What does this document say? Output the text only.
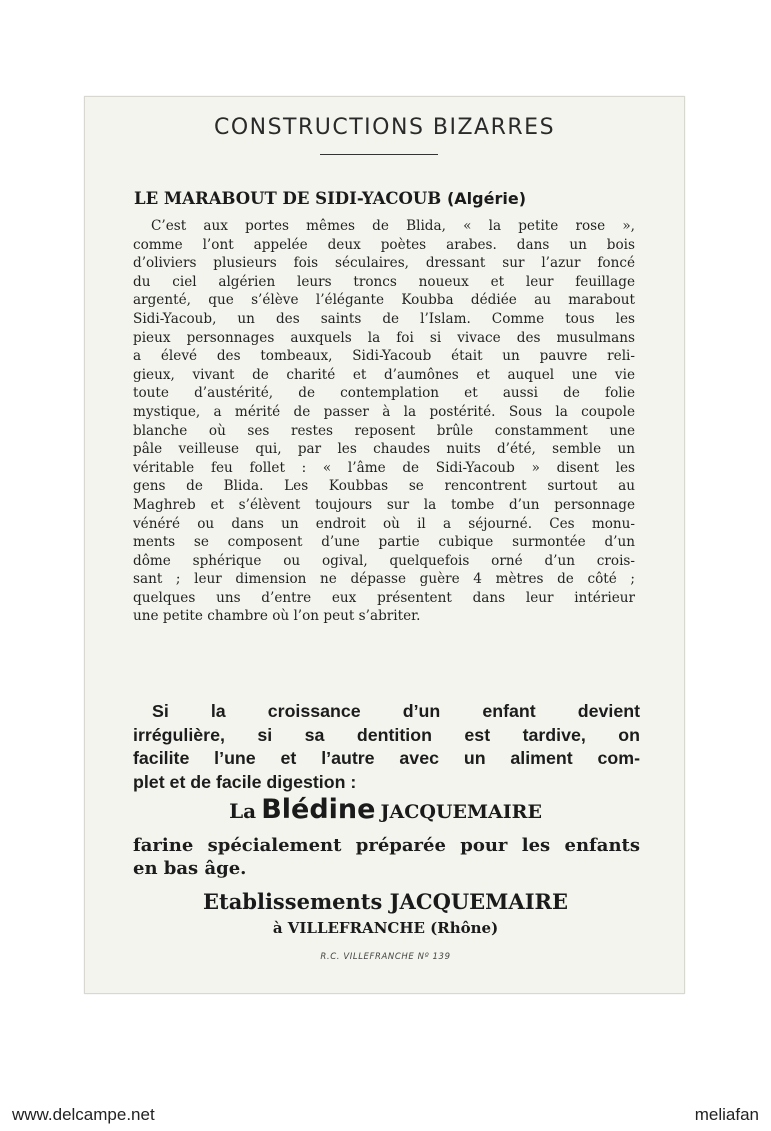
CONSTRUCTIONS BIZARRES
LE MARABOUT DE SIDI-YACOUB (Algérie)
C’est aux portes mêmes de Blida, « la petite rose »,
comme l’ont appelée deux poètes arabes. dans un bois
d’oliviers plusieurs fois séculaires, dressant sur l’azur foncé
du ciel algérien leurs troncs noueux et leur feuillage
argenté, que s’élève l’élégante Koubba dédiée au marabout
Sidi-Yacoub, un des saints de l’Islam. Comme tous les
pieux personnages auxquels la foi si vivace des musulmans
a élevé des tombeaux, Sidi-Yacoub était un pauvre reli-
gieux, vivant de charité et d’aumônes et auquel une vie
toute d’austérité, de contemplation et aussi de folie
mystique, a mérité de passer à la postérité. Sous la coupole
blanche où ses restes reposent brûle constamment une
pâle veilleuse qui, par les chaudes nuits d’été, semble un
véritable feu follet : « l’âme de Sidi-Yacoub » disent les
gens de Blida. Les Koubbas se rencontrent surtout au
Maghreb et s’élèvent toujours sur la tombe d’un personnage
vénéré ou dans un endroit où il a séjourné. Ces monu-
ments se composent d’une partie cubique surmontée d’un
dôme sphérique ou ogival, quelquefois orné d’un crois-
sant ; leur dimension ne dépasse guère 4 mètres de côté ;
quelques uns d’entre eux présentent dans leur intérieur
une petite chambre où l’on peut s’abriter.
Si la croissance d’un enfant devient
irrégulière, si sa dentition est tardive, on
facilite l’une et l’autre avec un aliment com-
plet et de facile digestion :
La Blédine JACQUEMAIRE
farine spécialement préparée pour les enfants
en bas âge.
Etablissements JACQUEMAIRE
à VILLEFRANCHE (Rhône)
R.C. VILLEFRANCHE Nº 139
www.delcampe.net	meliafan
